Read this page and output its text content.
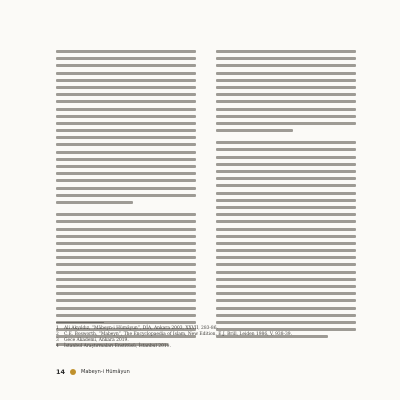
1	Ali Akyıldız, “Mâbeyn-i Hümâyun”, DİA, Ankara 2003, XXVII, 283-86.
2	C.E. Bosworth, “Mabeyn”, The Encyclopaedia of Islam, New Edition, E.J. Brill, Leiden 1986, V, 938-39.
3	Gece Akademi, Ankara 2019.
4	İstanbul Araştırmaları Enstitüsü, İstanbul 2019.
14	Mabeyn-i Hümâyun
